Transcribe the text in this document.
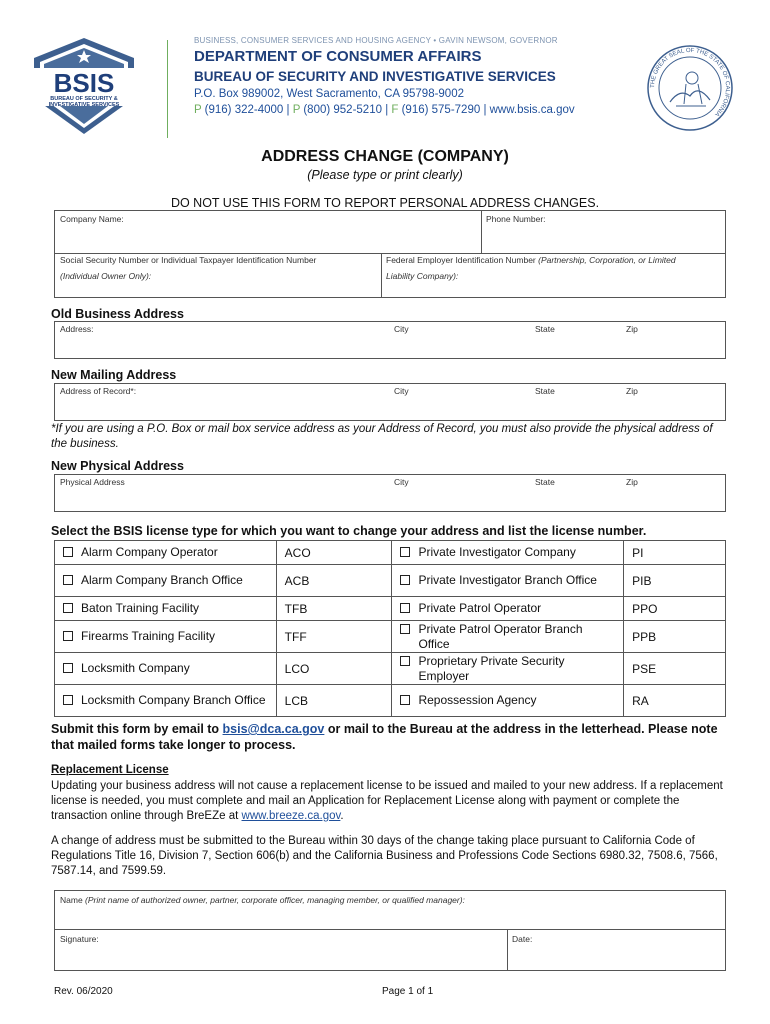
BSIS
BUREAU OF SECURITY &
INVESTIGATIVE SERVICES
BUSINESS, CONSUMER SERVICES AND HOUSING AGENCY • GAVIN NEWSOM, GOVERNOR
DEPARTMENT OF CONSUMER AFFAIRS
BUREAU OF SECURITY AND INVESTIGATIVE SERVICES
P.O. Box 989002, West Sacramento, CA 95798-9002
P (916) 322-4000 | P (800) 952-5210 | F (916) 575-7290 | www.bsis.ca.gov
THE GREAT SEAL OF THE STATE OF CALIFORNIA
ADDRESS CHANGE (COMPANY)
(Please type or print clearly)
DO NOT USE THIS FORM TO REPORT PERSONAL ADDRESS CHANGES.
Company Name:	Phone Number:
Social Security Number or Individual Taxpayer Identification Number
(Individual Owner Only):
Federal Employer Identification Number (Partnership, Corporation, or Limited
Liability Company):
Old Business Address
Address:	City	State	Zip
New Mailing Address
Address of Record*:	City	State	Zip
*If you are using a P.O. Box or mail box service address as your Address of Record, you must also provide the physical address of the business.
New Physical Address
Physical Address	City	State	Zip
Select the BSIS license type for which you want to change your address and list the license number.
Alarm Company Operator	ACO	Private Investigator Company	PI

Alarm Company Branch Office	ACB	Private Investigator Branch Office	PIB

Baton Training Facility	TFB	Private Patrol Operator	PPO

Firearms Training Facility	TFF	Private Patrol Operator Branch Office	PPB

Locksmith Company	LCO	Proprietary Private Security Employer	PSE

Locksmith Company Branch Office	LCB	Repossession Agency	RA
Submit this form by email to bsis@dca.ca.gov or mail to the Bureau at the address in the letterhead. Please note that mailed forms take longer to process.
Replacement License
Updating your business address will not cause a replacement license to be issued and mailed to your new address. If a replacement license is needed, you must complete and mail an Application for Replacement License along with payment or complete the transaction online through BreEZe at www.breeze.ca.gov.
A change of address must be submitted to the Bureau within 30 days of the change taking place pursuant to California Code of Regulations Title 16, Division 7, Section 606(b) and the California Business and Professions Code Sections 6980.32, 7508.6, 7566, 7587.14, and 7599.59.
Name (Print name of authorized owner, partner, corporate officer, managing member, or qualified manager):
Signature:	Date:
Rev. 06/2020	Page 1 of 1
